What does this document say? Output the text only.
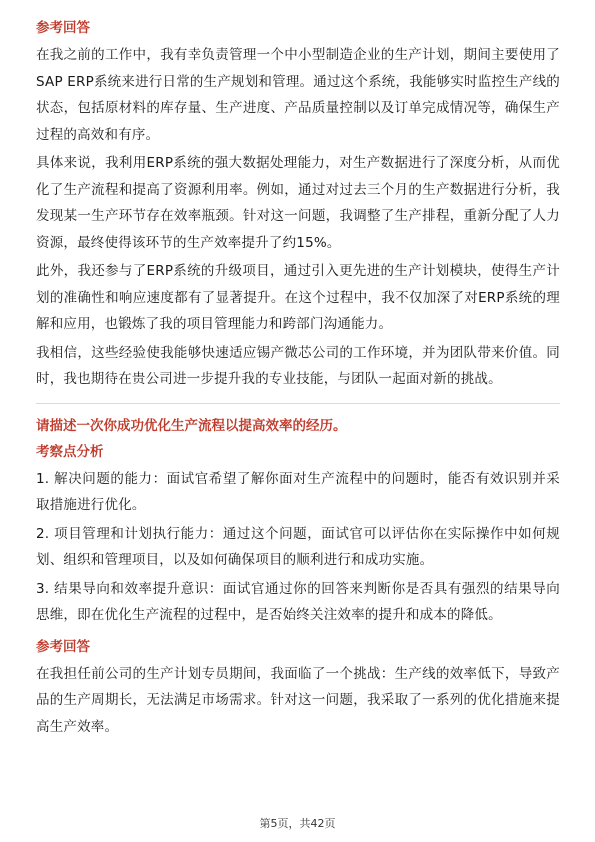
参考回答

在我之前的工作中，我有幸负责管理一个中小型制造企业的生产计划，期间主要使用了SAP ERP系统来进行日常的生产规划和管理。通过这个系统，我能够实时监控生产线的状态，包括原材料的库存量、生产进度、产品质量控制以及订单完成情况等，确保生产过程的高效和有序。

具体来说，我利用ERP系统的强大数据处理能力，对生产数据进行了深度分析，从而优化了生产流程和提高了资源利用率。例如，通过对过去三个月的生产数据进行分析，我发现某一生产环节存在效率瓶颈。针对这一问题，我调整了生产排程，重新分配了人力资源，最终使得该环节的生产效率提升了约15%。

此外，我还参与了ERP系统的升级项目，通过引入更先进的生产计划模块，使得生产计划的准确性和响应速度都有了显著提升。在这个过程中，我不仅加深了对ERP系统的理解和应用，也锻炼了我的项目管理能力和跨部门沟通能力。

我相信，这些经验使我能够快速适应锡产微芯公司的工作环境，并为团队带来价值。同时，我也期待在贵公司进一步提升我的专业技能，与团队一起面对新的挑战。

请描述一次你成功优化生产流程以提高效率的经历。
考察点分析

1. 解决问题的能力：面试官希望了解你面对生产流程中的问题时，能否有效识别并采取措施进行优化。

2. 项目管理和计划执行能力：通过这个问题，面试官可以评估你在实际操作中如何规划、组织和管理项目，以及如何确保项目的顺利进行和成功实施。

3. 结果导向和效率提升意识：面试官通过你的回答来判断你是否具有强烈的结果导向思维，即在优化生产流程的过程中，是否始终关注效率的提升和成本的降低。

参考回答

在我担任前公司的生产计划专员期间，我面临了一个挑战：生产线的效率低下，导致产品的生产周期长，无法满足市场需求。针对这一问题，我采取了一系列的优化措施来提高生产效率。

第5页，共42页
